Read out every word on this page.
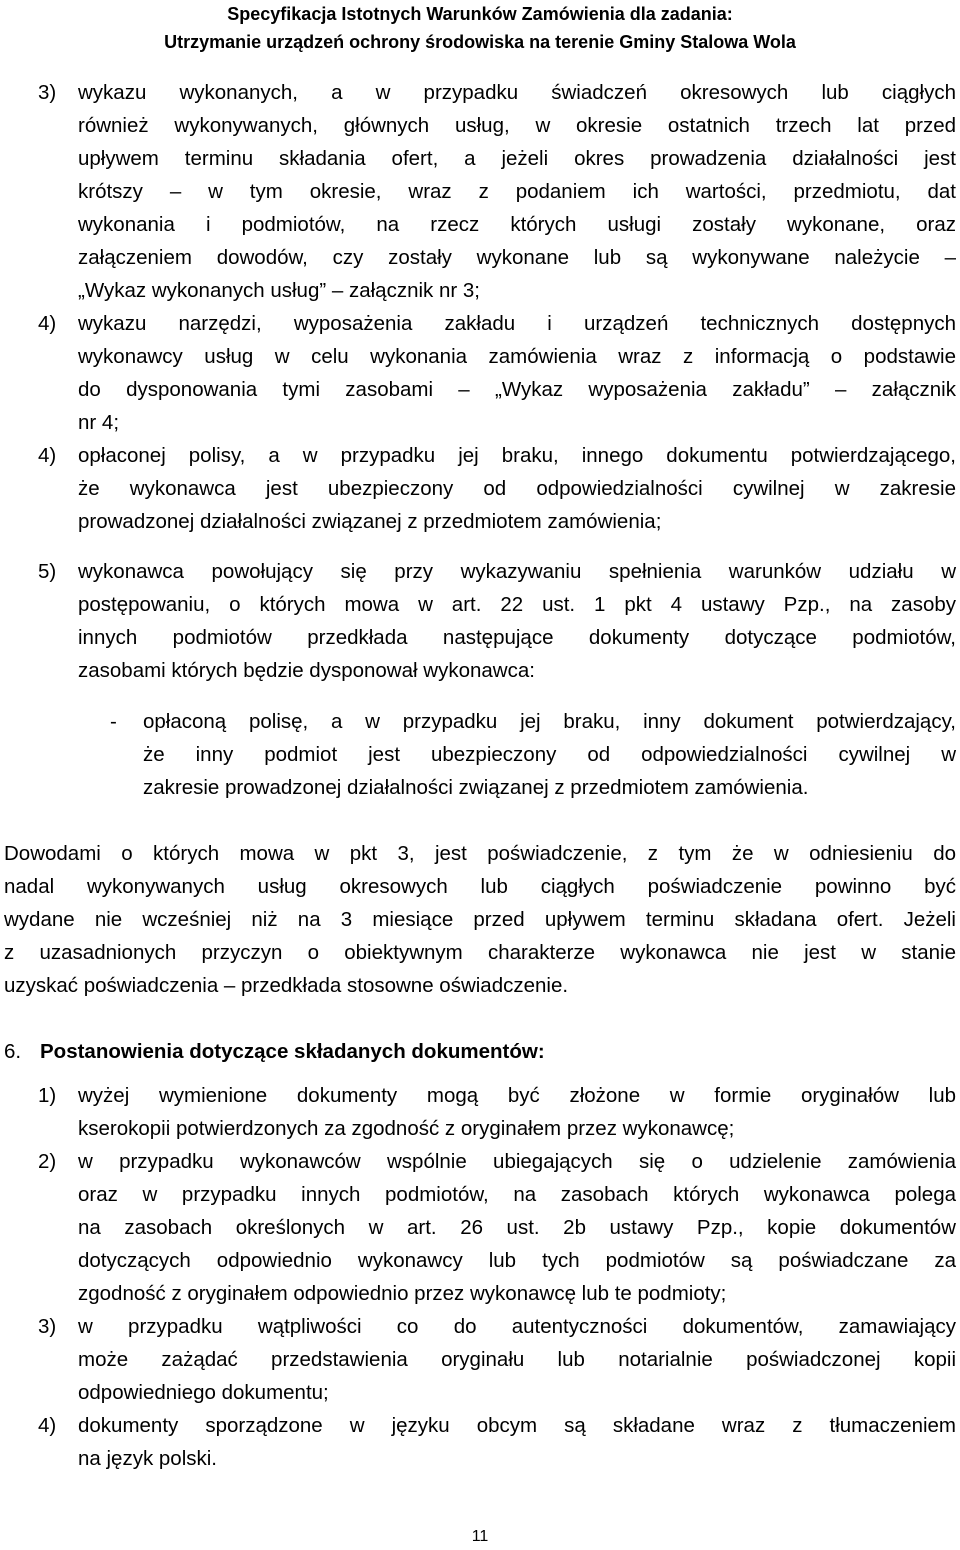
Specyfikacja Istotnych Warunków Zamówienia dla zadania:
Utrzymanie urządzeń ochrony środowiska na terenie Gminy Stalowa Wola
3) wykazu wykonanych, a w przypadku świadczeń okresowych lub ciągłych
również wykonywanych, głównych usług, w okresie ostatnich trzech lat przed
upływem terminu składania ofert, a jeżeli okres prowadzenia działalności jest
krótszy – w tym okresie, wraz z podaniem ich wartości, przedmiotu, dat
wykonania i podmiotów, na rzecz których usługi zostały wykonane, oraz
załączeniem dowodów, czy zostały wykonane lub są wykonywane należycie –
„Wykaz wykonanych usług” – załącznik nr 3;
4) wykazu narzędzi, wyposażenia zakładu i urządzeń technicznych dostępnych
wykonawcy usług w celu wykonania zamówienia wraz z informacją o podstawie
do dysponowania tymi zasobami – „Wykaz wyposażenia zakładu” – załącznik
nr 4;
4) opłaconej polisy, a w przypadku jej braku, innego dokumentu potwierdzającego,
że wykonawca jest ubezpieczony od odpowiedzialności cywilnej w zakresie
prowadzonej działalności związanej z przedmiotem zamówienia;
5) wykonawca powołujący się przy wykazywaniu spełnienia warunków udziału w
postępowaniu, o których mowa w art. 22 ust. 1 pkt 4 ustawy Pzp., na zasoby
innych podmiotów przedkłada następujące dokumenty dotyczące podmiotów,
zasobami których będzie dysponował wykonawca:
- opłaconą polisę, a w przypadku jej braku, inny dokument potwierdzający,
że inny podmiot jest ubezpieczony od odpowiedzialności cywilnej w
zakresie prowadzonej działalności związanej z przedmiotem zamówienia.
Dowodami o których mowa w pkt 3, jest poświadczenie, z tym że w odniesieniu do
nadal wykonywanych usług okresowych lub ciągłych poświadczenie powinno być
wydane nie wcześniej niż na 3 miesiące przed upływem terminu składana ofert. Jeżeli
z uzasadnionych przyczyn o obiektywnym charakterze wykonawca nie jest w stanie
uzyskać poświadczenia – przedkłada stosowne oświadczenie.
6. Postanowienia dotyczące składanych dokumentów:
1) wyżej wymienione dokumenty mogą być złożone w formie oryginałów lub
kserokopii potwierdzonych za zgodność z oryginałem przez wykonawcę;
2) w przypadku wykonawców wspólnie ubiegających się o udzielenie zamówienia
oraz w przypadku innych podmiotów, na zasobach których wykonawca polega
na zasobach określonych w art. 26 ust. 2b ustawy Pzp., kopie dokumentów
dotyczących odpowiednio wykonawcy lub tych podmiotów są poświadczane za
zgodność z oryginałem odpowiednio przez wykonawcę lub te podmioty;
3) w przypadku wątpliwości co do autentyczności dokumentów, zamawiający
może zażądać przedstawienia oryginału lub notarialnie poświadczonej kopii
odpowiedniego dokumentu;
4) dokumenty sporządzone w języku obcym są składane wraz z tłumaczeniem
na język polski.
11
